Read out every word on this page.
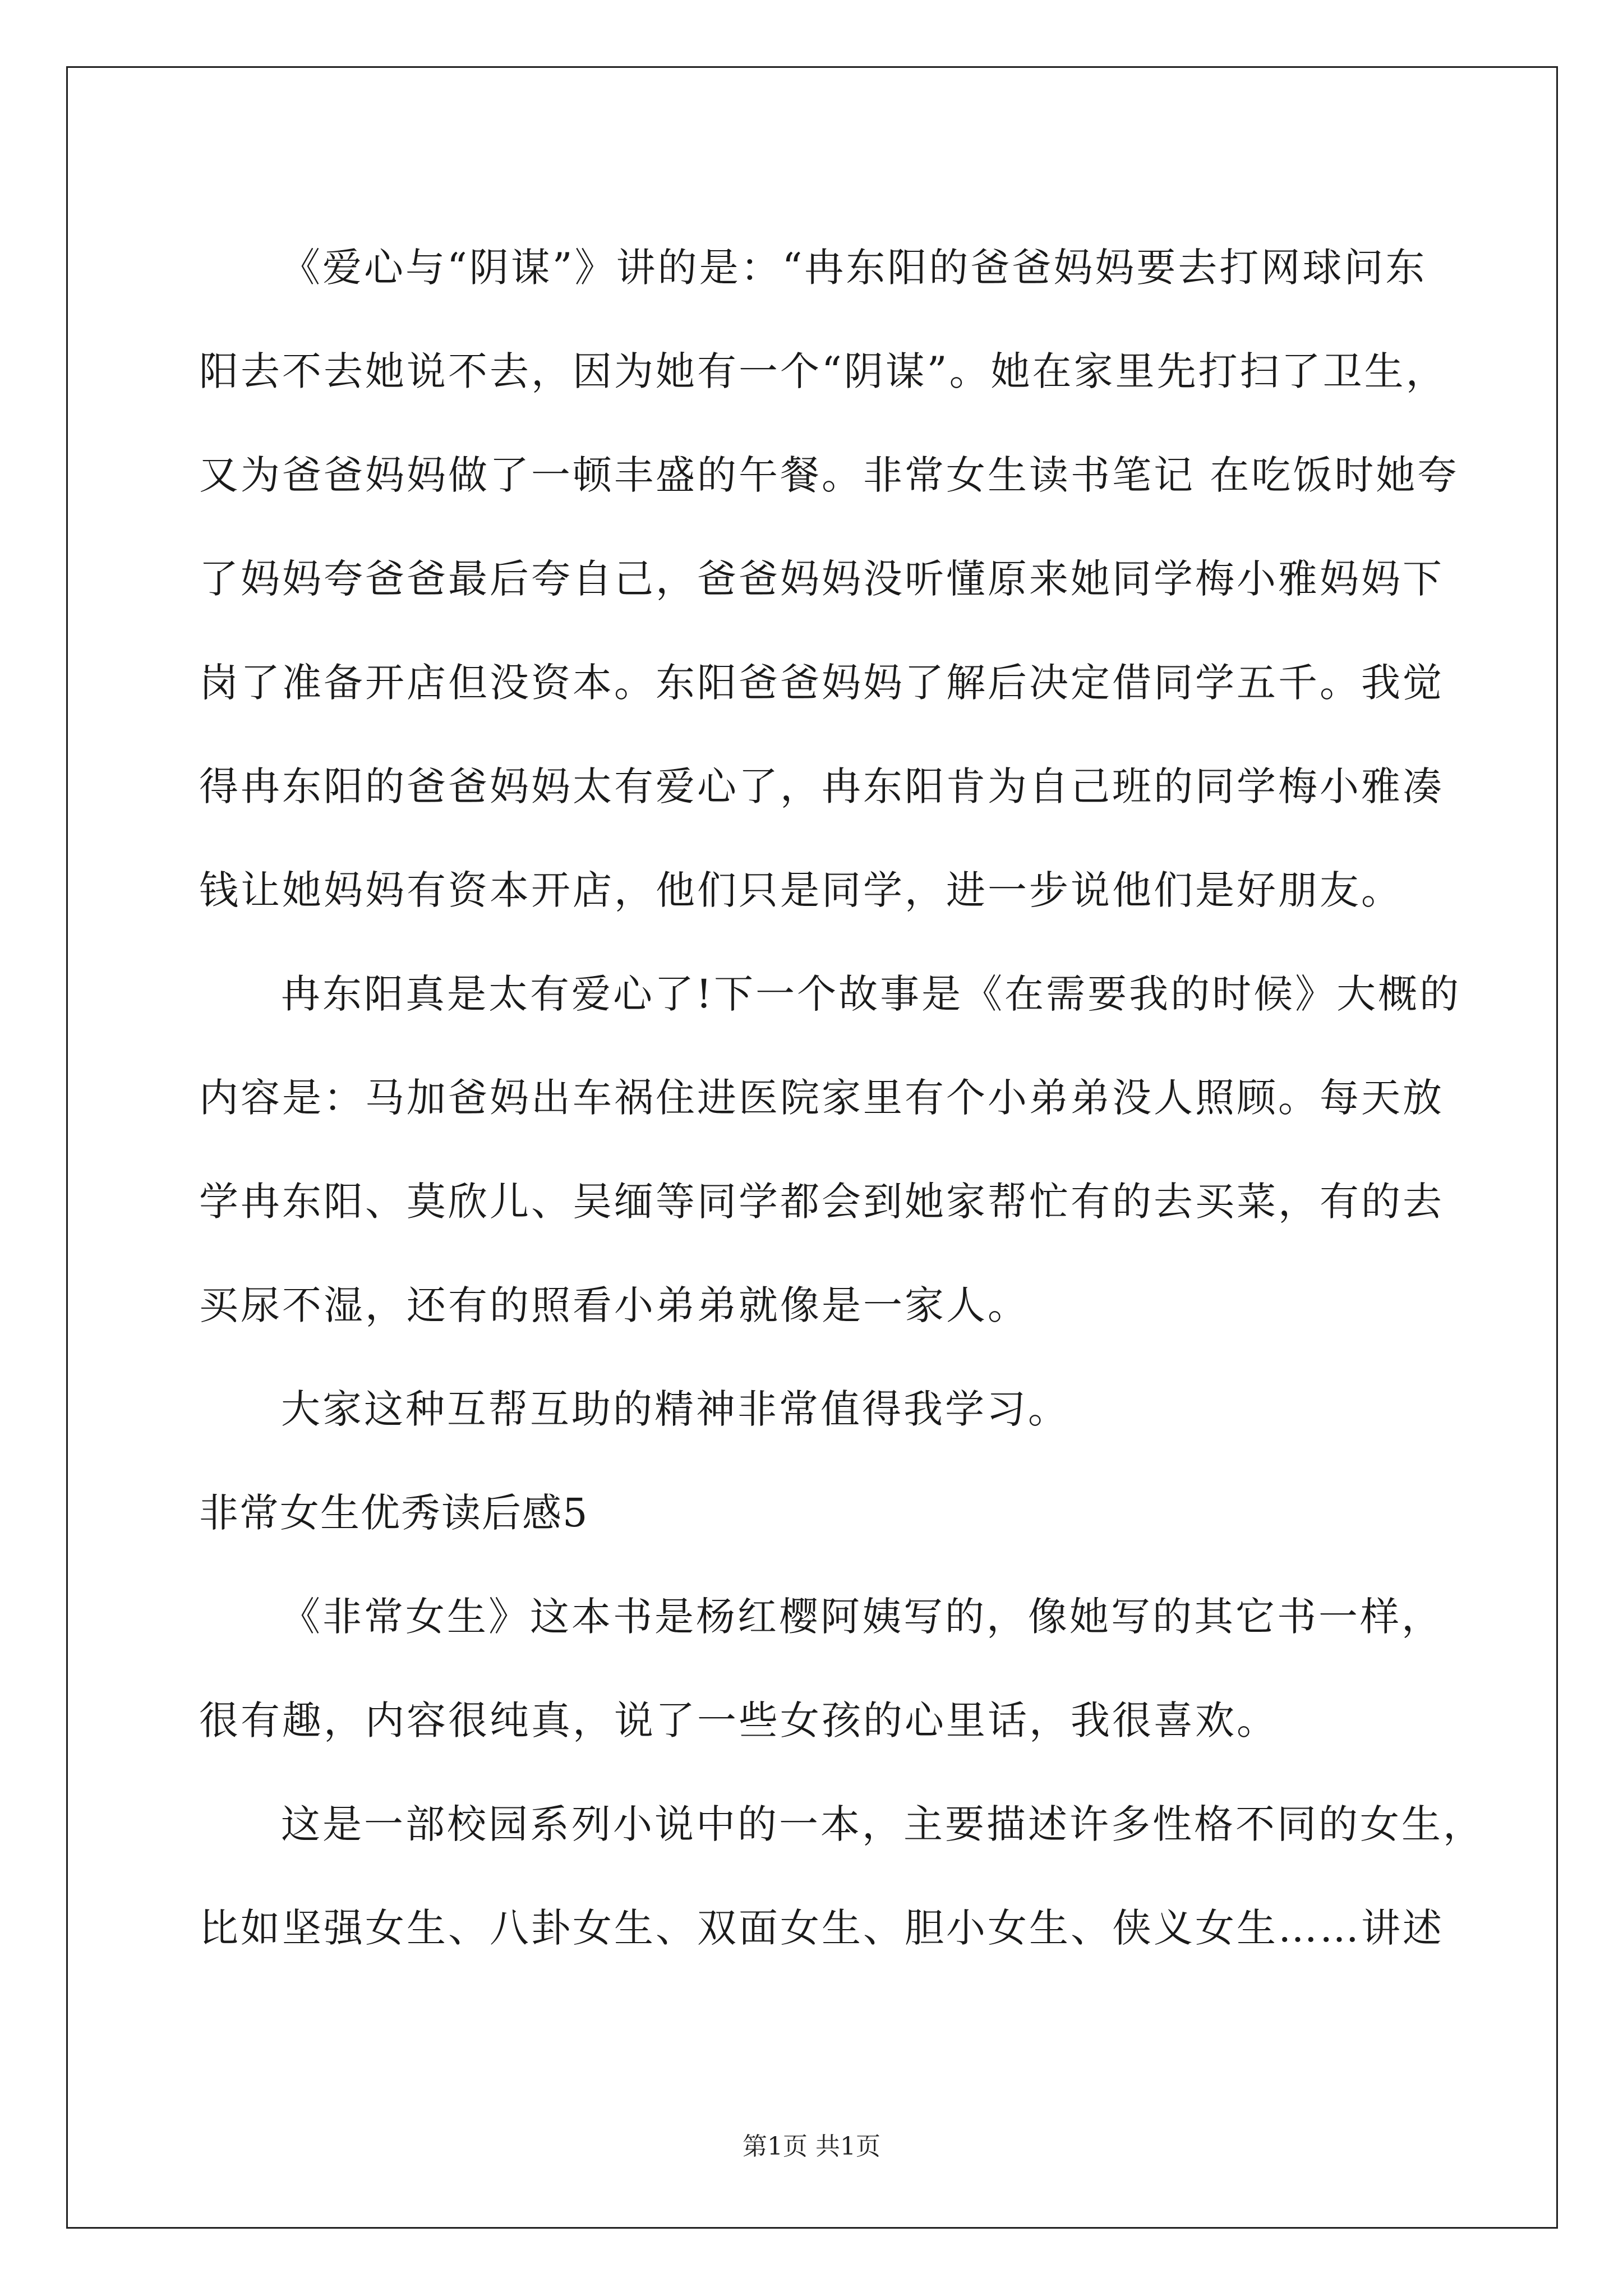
《爱心与“阴谋”》讲的是：“冉东阳的爸爸妈妈要去打网球问东
阳去不去她说不去，因为她有一个“阴谋”。她在家里先打扫了卫生，
又为爸爸妈妈做了一顿丰盛的午餐。非常女生读书笔记 在吃饭时她夸
了妈妈夸爸爸最后夸自己，爸爸妈妈没听懂原来她同学梅小雅妈妈下
岗了准备开店但没资本。东阳爸爸妈妈了解后决定借同学五千。我觉
得冉东阳的爸爸妈妈太有爱心了，冉东阳肯为自己班的同学梅小雅凑
钱让她妈妈有资本开店，他们只是同学，进一步说他们是好朋友。
冉东阳真是太有爱心了!下一个故事是《在需要我的时候》大概的
内容是：马加爸妈出车祸住进医院家里有个小弟弟没人照顾。每天放
学冉东阳、莫欣儿、吴缅等同学都会到她家帮忙有的去买菜，有的去
买尿不湿，还有的照看小弟弟就像是一家人。
大家这种互帮互助的精神非常值得我学习。
非常女生优秀读后感5
《非常女生》这本书是杨红樱阿姨写的，像她写的其它书一样，
很有趣，内容很纯真，说了一些女孩的心里话，我很喜欢。
这是一部校园系列小说中的一本，主要描述许多性格不同的女生，
比如坚强女生、八卦女生、双面女生、胆小女生、侠义女生……讲述
第1页 共1页
